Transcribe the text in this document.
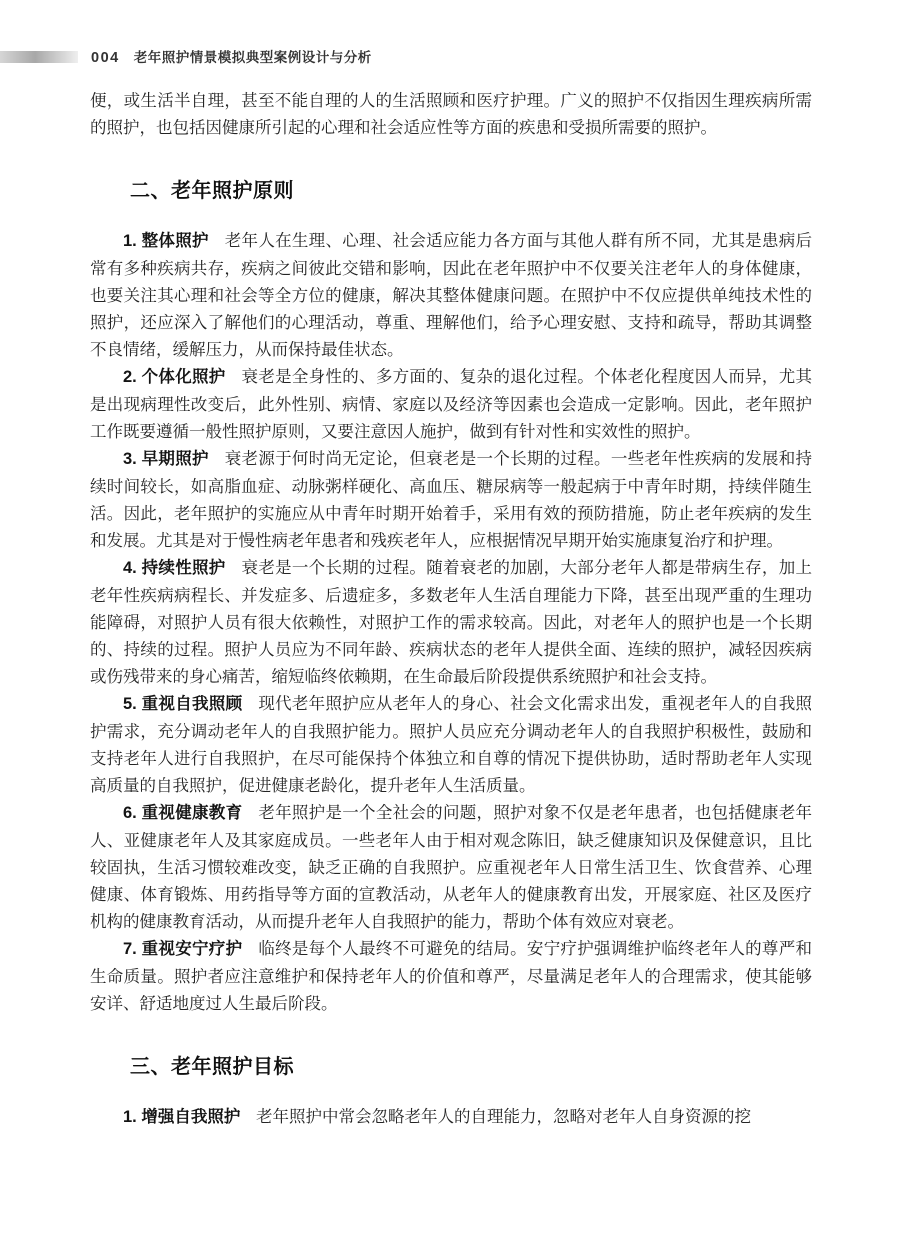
004 老年照护情景模拟典型案例设计与分析

便，或生活半自理，甚至不能自理的人的生活照顾和医疗护理。广义的照护不仅指因生理疾病所需的照护，也包括因健康所引起的心理和社会适应性等方面的疾患和受损所需要的照护。

二、老年照护原则

1. 整体照护 老年人在生理、心理、社会适应能力各方面与其他人群有所不同，尤其是患病后常有多种疾病共存，疾病之间彼此交错和影响，因此在老年照护中不仅要关注老年人的身体健康，也要关注其心理和社会等全方位的健康，解决其整体健康问题。在照护中不仅应提供单纯技术性的照护，还应深入了解他们的心理活动，尊重、理解他们，给予心理安慰、支持和疏导，帮助其调整不良情绪，缓解压力，从而保持最佳状态。

2. 个体化照护 衰老是全身性的、多方面的、复杂的退化过程。个体老化程度因人而异，尤其是出现病理性改变后，此外性别、病情、家庭以及经济等因素也会造成一定影响。因此，老年照护工作既要遵循一般性照护原则，又要注意因人施护，做到有针对性和实效性的照护。

3. 早期照护 衰老源于何时尚无定论，但衰老是一个长期的过程。一些老年性疾病的发展和持续时间较长，如高脂血症、动脉粥样硬化、高血压、糖尿病等一般起病于中青年时期，持续伴随生活。因此，老年照护的实施应从中青年时期开始着手，采用有效的预防措施，防止老年疾病的发生和发展。尤其是对于慢性病老年患者和残疾老年人，应根据情况早期开始实施康复治疗和护理。

4. 持续性照护 衰老是一个长期的过程。随着衰老的加剧，大部分老年人都是带病生存，加上老年性疾病病程长、并发症多、后遗症多，多数老年人生活自理能力下降，甚至出现严重的生理功能障碍，对照护人员有很大依赖性，对照护工作的需求较高。因此，对老年人的照护也是一个长期的、持续的过程。照护人员应为不同年龄、疾病状态的老年人提供全面、连续的照护，减轻因疾病或伤残带来的身心痛苦，缩短临终依赖期，在生命最后阶段提供系统照护和社会支持。

5. 重视自我照顾 现代老年照护应从老年人的身心、社会文化需求出发，重视老年人的自我照护需求，充分调动老年人的自我照护能力。照护人员应充分调动老年人的自我照护积极性，鼓励和支持老年人进行自我照护，在尽可能保持个体独立和自尊的情况下提供协助，适时帮助老年人实现高质量的自我照护，促进健康老龄化，提升老年人生活质量。

6. 重视健康教育 老年照护是一个全社会的问题，照护对象不仅是老年患者，也包括健康老年人、亚健康老年人及其家庭成员。一些老年人由于相对观念陈旧，缺乏健康知识及保健意识，且比较固执，生活习惯较难改变，缺乏正确的自我照护。应重视老年人日常生活卫生、饮食营养、心理健康、体育锻炼、用药指导等方面的宣教活动，从老年人的健康教育出发，开展家庭、社区及医疗机构的健康教育活动，从而提升老年人自我照护的能力，帮助个体有效应对衰老。

7. 重视安宁疗护 临终是每个人最终不可避免的结局。安宁疗护强调维护临终老年人的尊严和生命质量。照护者应注意维护和保持老年人的价值和尊严，尽量满足老年人的合理需求，使其能够安详、舒适地度过人生最后阶段。

三、老年照护目标

1. 增强自我照护 老年照护中常会忽略老年人的自理能力，忽略对老年人自身资源的挖
